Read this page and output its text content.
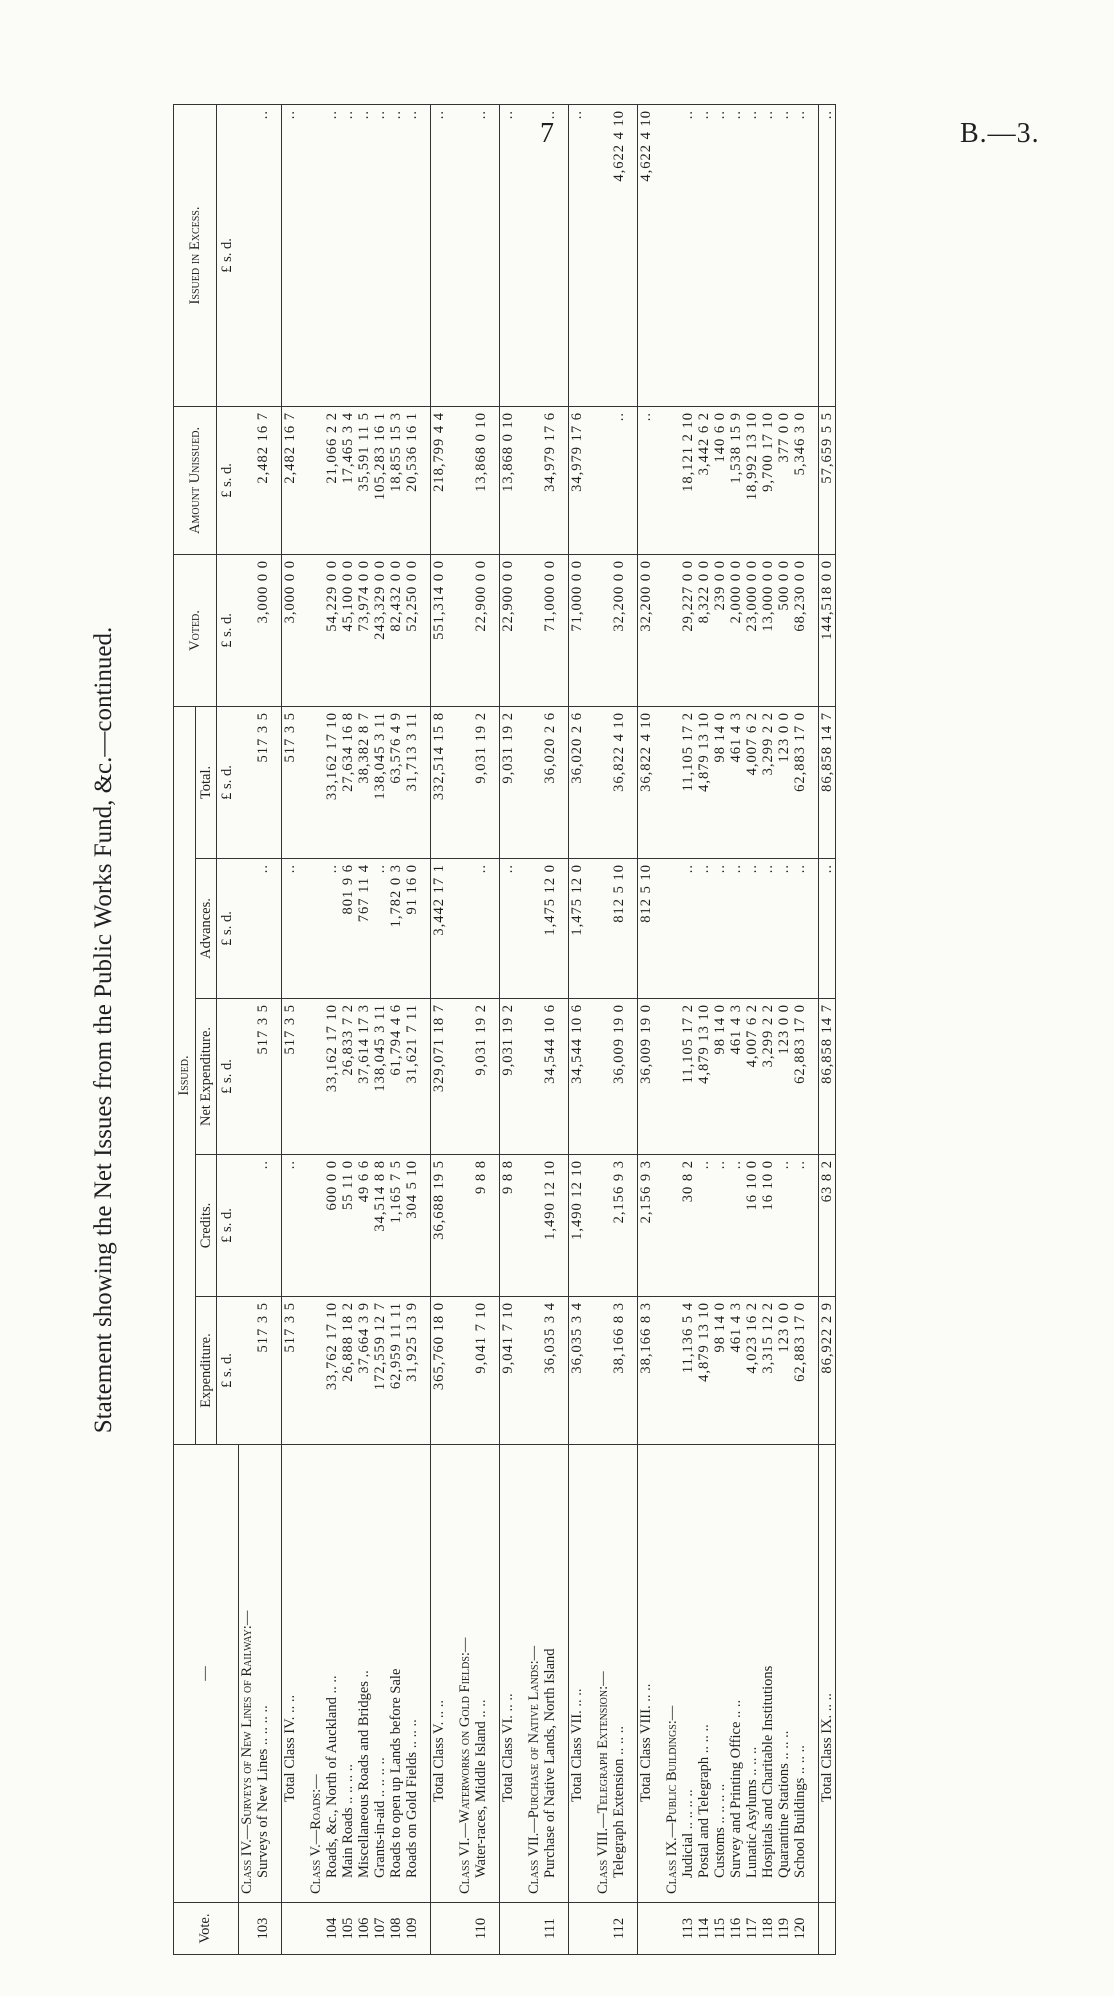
7	B.—3.
Statement showing the Net Issues from the Public Works Fund, &c.—continued.
Vote.	—	Issued.					Voted.	Amount Unissued.	Issued in Excess.
		Expenditure.	Credits.	Net Expenditure.	Advances.	Total.			
		£ s. d.	£ s. d.	£ s. d.	£ s. d.	£ s. d.	£ s. d.	£ s. d.	£ s. d.
	Class IV.—Surveys of New Lines of Railway:—								
103	Surveys of New Lines .. .. .. ..	517 3 5	..	517 3 5	..	517 3 5	3,000 0 0	2,482 16 7	..

	Total Class IV. .. ..	517 3 5	..	517 3 5	..	517 3 5	3,000 0 0	2,482 16 7	..

	Class V.—Roads:—								
104	Roads, &c., North of Auckland .. ..	33,762 17 10	600 0 0	33,162 17 10	..	33,162 17 10	54,229 0 0	21,066 2 2	..
105	Main Roads .. .. .. ..	26,888 18 2	55 11 0	26,833 7 2	801 9 6	27,634 16 8	45,100 0 0	17,465 3 4	..
106	Miscellaneous Roads and Bridges ..	37,664 3 9	49 6 6	37,614 17 3	767 11 4	38,382 8 7	73,974 0 0	35,591 11 5	..
107	Grants-in-aid .. .. .. ..	172,559 12 7	34,514 8 8	138,045 3 11	..	138,045 3 11	243,329 0 0	105,283 16 1	..
108	Roads to open up Lands before Sale	62,959 11 11	1,165 7 5	61,794 4 6	1,782 0 3	63,576 4 9	82,432 0 0	18,855 15 3	..
109	Roads on Gold Fields .. .. ..	31,925 13 9	304 5 10	31,621 7 11	91 16 0	31,713 3 11	52,250 0 0	20,536 16 1	..

	Total Class V. .. ..	365,760 18 0	36,688 19 5	329,071 18 7	3,442 17 1	332,514 15 8	551,314 0 0	218,799 4 4	..

	Class VI.—Waterworks on Gold Fields:—								
110	Water-races, Middle Island .. ..	9,041 7 10	9 8 8	9,031 19 2	..	9,031 19 2	22,900 0 0	13,868 0 10	..

	Total Class VI. .. ..	9,041 7 10	9 8 8	9,031 19 2	..	9,031 19 2	22,900 0 0	13,868 0 10	..

	Class VII.—Purchase of Native Lands:—								
111	Purchase of Native Lands, North Island	36,035 3 4	1,490 12 10	34,544 10 6	1,475 12 0	36,020 2 6	71,000 0 0	34,979 17 6	..

	Total Class VII. .. ..	36,035 3 4	1,490 12 10	34,544 10 6	1,475 12 0	36,020 2 6	71,000 0 0	34,979 17 6	..

	Class VIII.—Telegraph Extension:—								
112	Telegraph Extension .. .. ..	38,166 8 3	2,156 9 3	36,009 19 0	812 5 10	36,822 4 10	32,200 0 0	..	4,622 4 10

	Total Class VIII. .. ..	38,166 8 3	2,156 9 3	36,009 19 0	812 5 10	36,822 4 10	32,200 0 0	..	4,622 4 10

	Class IX.—Public Buildings:—								
113	Judicial .. .. .. ..	11,136 5 4	30 8 2	11,105 17 2	..	11,105 17 2	29,227 0 0	18,121 2 10	..
114	Postal and Telegraph .. .. ..	4,879 13 10	..	4,879 13 10	..	4,879 13 10	8,322 0 0	3,442 6 2	..
115	Customs .. .. .. ..	98 14 0	..	98 14 0	..	98 14 0	239 0 0	140 6 0	..
116	Survey and Printing Office .. ..	461 4 3	..	461 4 3	..	461 4 3	2,000 0 0	1,538 15 9	..
117	Lunatic Asylums .. .. ..	4,023 16 2	16 10 0	4,007 6 2	..	4,007 6 2	23,000 0 0	18,992 13 10	..
118	Hospitals and Charitable Institutions	3,315 12 2	16 10 0	3,299 2 2	..	3,299 2 2	13,000 0 0	9,700 17 10	..
119	Quarantine Stations .. .. ..	123 0 0	..	123 0 0	..	123 0 0	500 0 0	377 0 0	..
120	School Buildings .. .. ..	62,883 17 0	..	62,883 17 0	..	62,883 17 0	68,230 0 0	5,346 3 0	..

	Total Class IX. .. ..	86,922 2 9	63 8 2	86,858 14 7	..	86,858 14 7	144,518 0 0	57,659 5 5	..
